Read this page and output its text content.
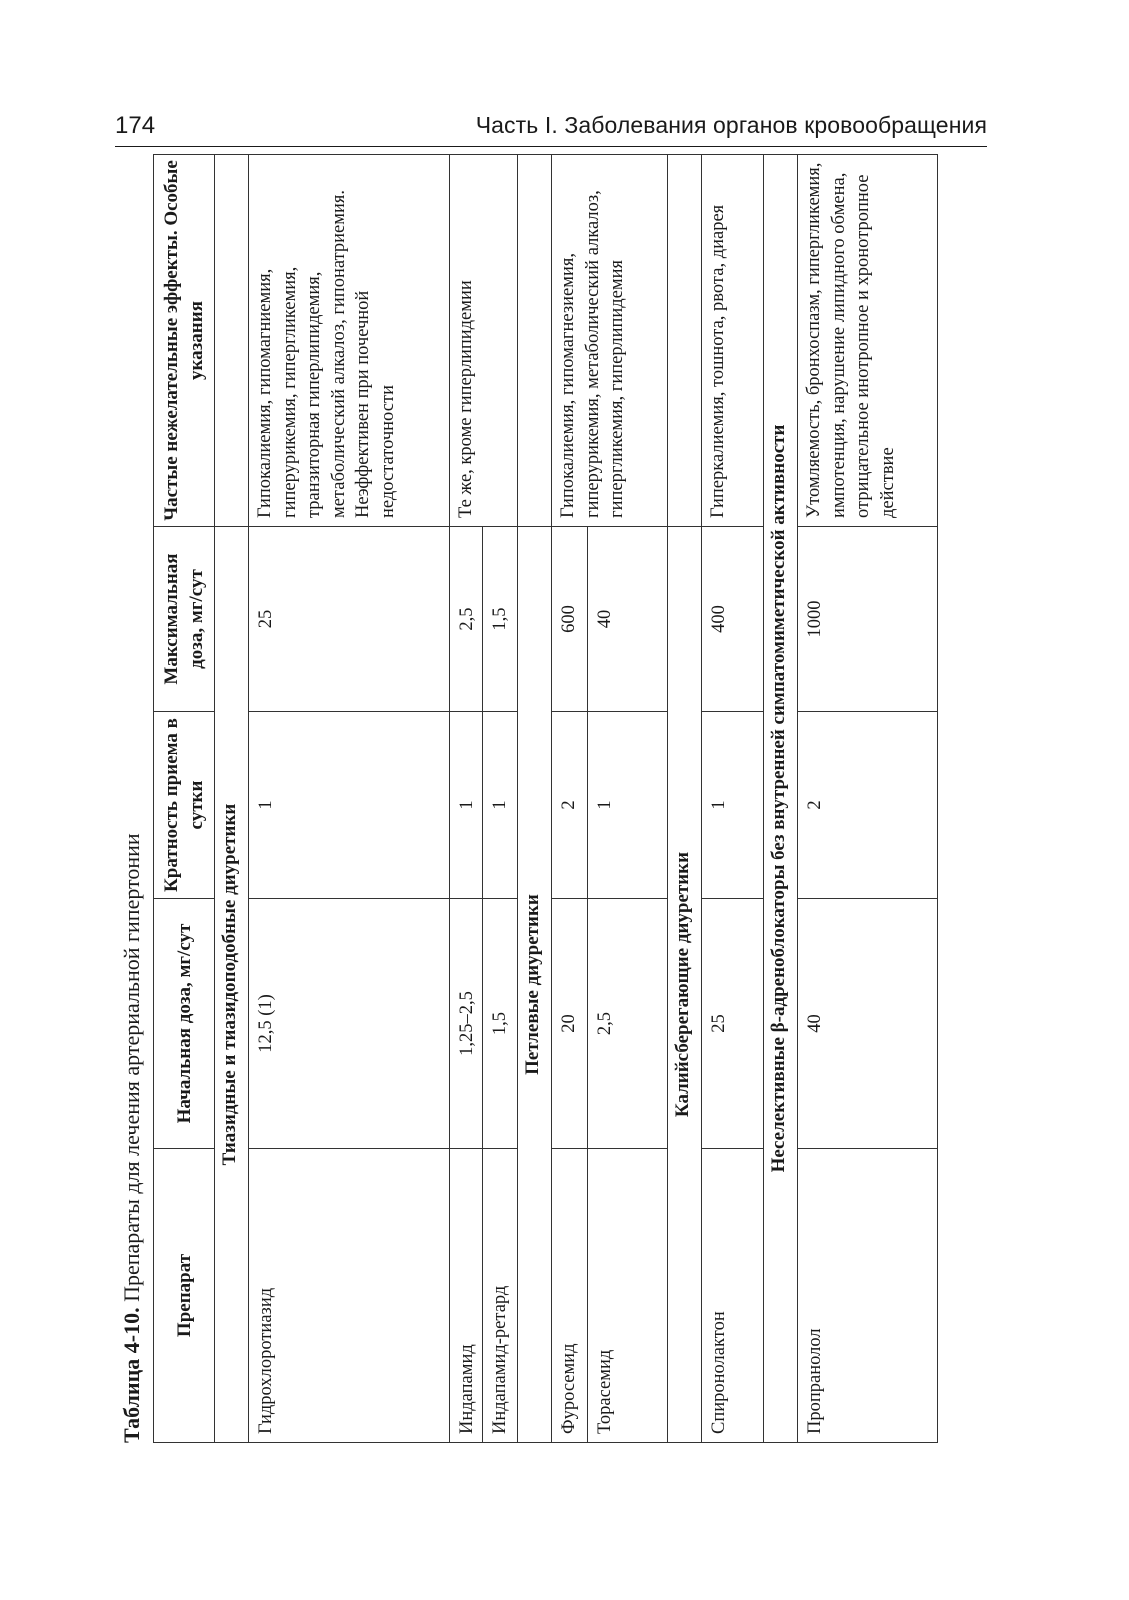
174	Часть I. Заболевания органов кровообращения
Таблица 4-10. Препараты для лечения артериальной гипертонии	Препарат	Начальная доза, мг/сут	Кратность приема в сутки	Максимальная доза, мг/сут	Частые нежелательные эффекты. Особые указания
Тиазидные и тиазидоподобные диуретики				
Гидрохлоротиазид	12,5 (1)	1	25	Гипокалиемия, гипомагниемия, гиперурикемия, гипергликемия, транзиторная гиперлипидемия, метаболический алкалоз, гипонатриемия. Неэффективен при почечной недостаточности
Индапамид	1,25–2,5	1	2,5	Те же, кроме гиперлипидемии
Индапамид-ретард	1,5	1	1,5	
Петлевые диуретики				
Фуросемид	20	2	600	Гипокалиемия, гипомагнезиемия, гиперурикемия, метаболический алкалоз, гипергликемия, гиперлипидемия
Торасемид	2,5	1	40	
Калийсберегающие диуретики				
Спиронолактон	25	1	400	Гиперкалиемия, тошнота, рвота, диарея
Неселективные β-адреноблокаторы без внутренней симпатомиметической активности				
Пропранолол	40	2	1000	Утомляемость, бронхоспазм, гипергликемия, импотенция, нарушение липидного обмена, отрицательное инотропное и хронотропное действие
